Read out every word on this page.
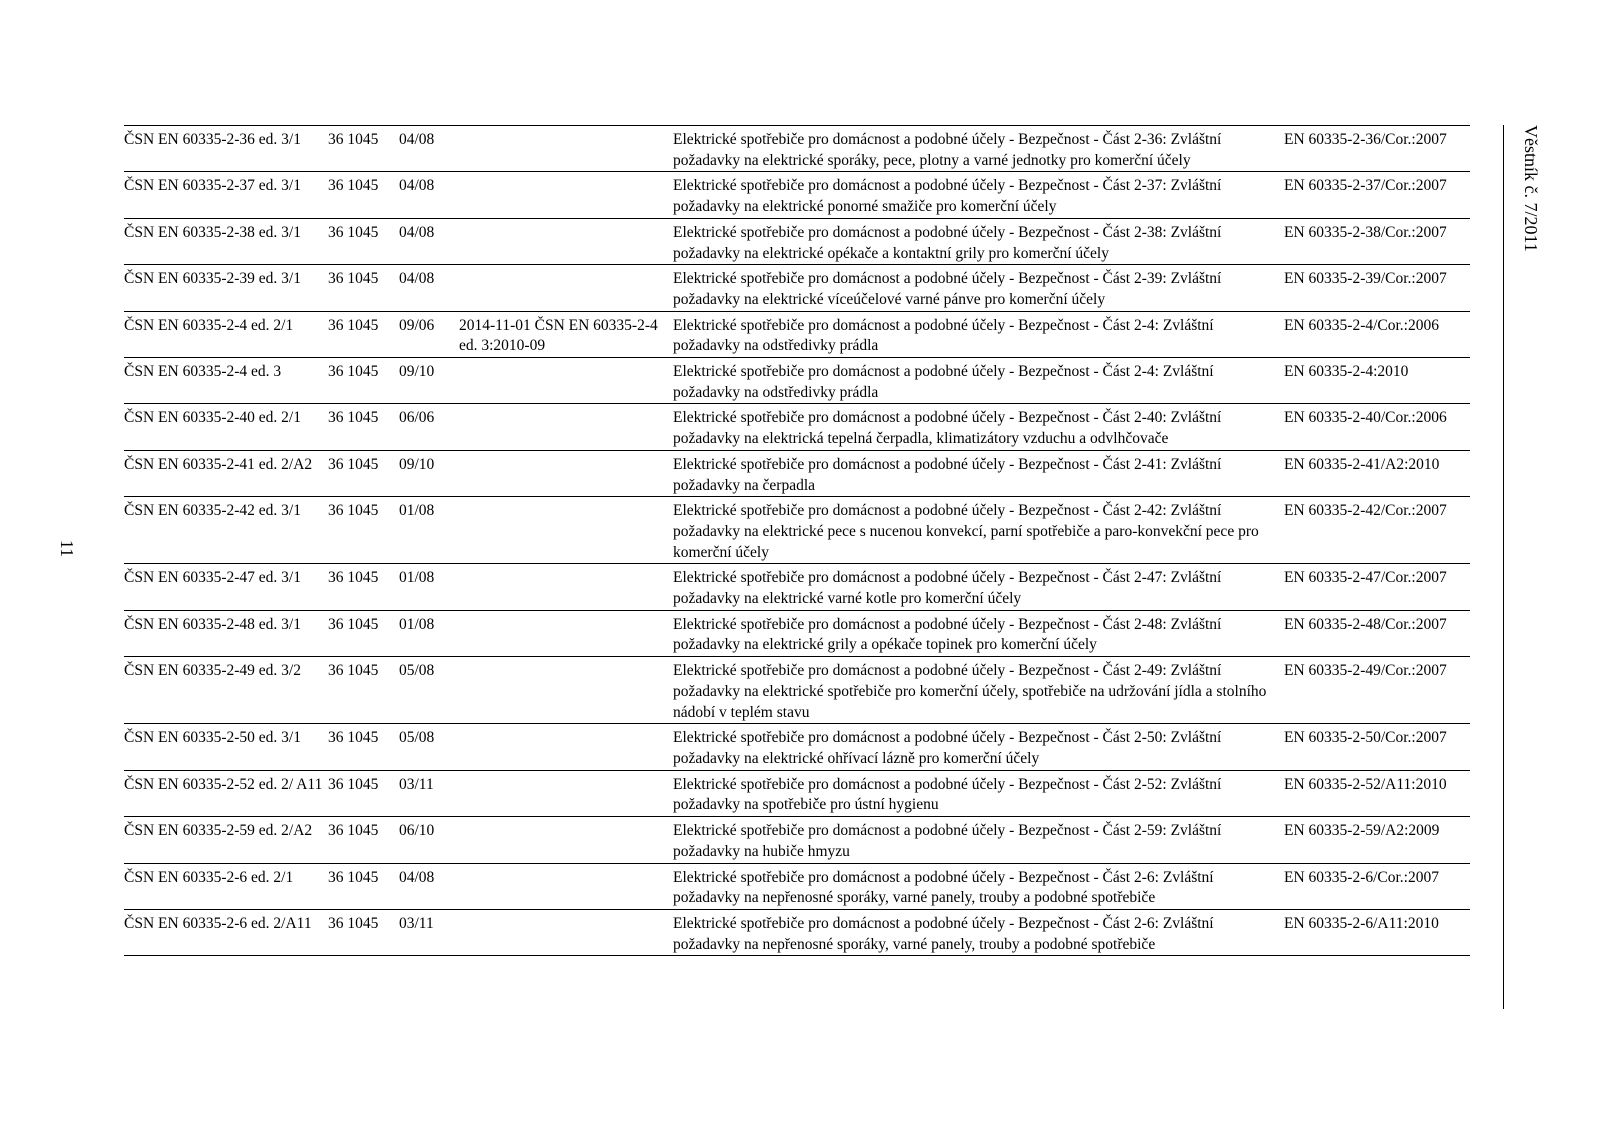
Věstník č. 7/2011
11
ČSN EN 60335-2-36 ed. 3/1	36 1045	04/08		Elektrické spotřebiče pro domácnost a podobné účely - Bezpečnost - Část 2-36: Zvláštní požadavky na elektrické sporáky, pece, plotny a varné jednotky pro komerční účely	EN 60335-2-36/Cor.:2007
ČSN EN 60335-2-37 ed. 3/1	36 1045	04/08		Elektrické spotřebiče pro domácnost a podobné účely - Bezpečnost - Část 2-37: Zvláštní požadavky na elektrické ponorné smažiče pro komerční účely	EN 60335-2-37/Cor.:2007
ČSN EN 60335-2-38 ed. 3/1	36 1045	04/08		Elektrické spotřebiče pro domácnost a podobné účely - Bezpečnost - Část 2-38: Zvláštní požadavky na elektrické opékače a kontaktní grily pro komerční účely	EN 60335-2-38/Cor.:2007
ČSN EN 60335-2-39 ed. 3/1	36 1045	04/08		Elektrické spotřebiče pro domácnost a podobné účely - Bezpečnost - Část 2-39: Zvláštní požadavky na elektrické víceúčelové varné pánve pro komerční účely	EN 60335-2-39/Cor.:2007
ČSN EN 60335-2-4 ed. 2/1	36 1045	09/06	2014-11-01 ČSN EN 60335-2-4 ed. 3:2010-09	Elektrické spotřebiče pro domácnost a podobné účely - Bezpečnost - Část 2-4: Zvláštní požadavky na odstředivky prádla	EN 60335-2-4/Cor.:2006
ČSN EN 60335-2-4 ed. 3	36 1045	09/10		Elektrické spotřebiče pro domácnost a podobné účely - Bezpečnost - Část 2-4: Zvláštní požadavky na odstředivky prádla	EN 60335-2-4:2010
ČSN EN 60335-2-40 ed. 2/1	36 1045	06/06		Elektrické spotřebiče pro domácnost a podobné účely - Bezpečnost - Část 2-40: Zvláštní požadavky na elektrická tepelná čerpadla, klimatizátory vzduchu a odvlhčovače	EN 60335-2-40/Cor.:2006
ČSN EN 60335-2-41 ed. 2/A2	36 1045	09/10		Elektrické spotřebiče pro domácnost a podobné účely - Bezpečnost - Část 2-41: Zvláštní požadavky na čerpadla	EN 60335-2-41/A2:2010
ČSN EN 60335-2-42 ed. 3/1	36 1045	01/08		Elektrické spotřebiče pro domácnost a podobné účely - Bezpečnost - Část 2-42: Zvláštní požadavky na elektrické pece s nucenou konvekcí, parní spotřebiče a paro-konvekční pece pro komerční účely	EN 60335-2-42/Cor.:2007
ČSN EN 60335-2-47 ed. 3/1	36 1045	01/08		Elektrické spotřebiče pro domácnost a podobné účely - Bezpečnost - Část 2-47: Zvláštní požadavky na elektrické varné kotle pro komerční účely	EN 60335-2-47/Cor.:2007
ČSN EN 60335-2-48 ed. 3/1	36 1045	01/08		Elektrické spotřebiče pro domácnost a podobné účely - Bezpečnost - Část 2-48: Zvláštní požadavky na elektrické grily a opékače topinek pro komerční účely	EN 60335-2-48/Cor.:2007
ČSN EN 60335-2-49 ed. 3/2	36 1045	05/08		Elektrické spotřebiče pro domácnost a podobné účely - Bezpečnost - Část 2-49: Zvláštní požadavky na elektrické spotřebiče pro komerční účely, spotřebiče na udržování jídla a stolního nádobí v teplém stavu	EN 60335-2-49/Cor.:2007
ČSN EN 60335-2-50 ed. 3/1	36 1045	05/08		Elektrické spotřebiče pro domácnost a podobné účely - Bezpečnost - Část 2-50: Zvláštní požadavky na elektrické ohřívací lázně pro komerční účely	EN 60335-2-50/Cor.:2007
ČSN EN 60335-2-52 ed. 2/ A11	36 1045	03/11		Elektrické spotřebiče pro domácnost a podobné účely - Bezpečnost - Část 2-52: Zvláštní požadavky na spotřebiče pro ústní hygienu	EN 60335-2-52/A11:2010
ČSN EN 60335-2-59 ed. 2/A2	36 1045	06/10		Elektrické spotřebiče pro domácnost a podobné účely - Bezpečnost - Část 2-59: Zvláštní požadavky na hubiče hmyzu	EN 60335-2-59/A2:2009
ČSN EN 60335-2-6 ed. 2/1	36 1045	04/08		Elektrické spotřebiče pro domácnost a podobné účely - Bezpečnost - Část 2-6: Zvláštní požadavky na nepřenosné sporáky, varné panely, trouby a podobné spotřebiče	EN 60335-2-6/Cor.:2007
ČSN EN 60335-2-6 ed. 2/A11	36 1045	03/11		Elektrické spotřebiče pro domácnost a podobné účely - Bezpečnost - Část 2-6: Zvláštní požadavky na nepřenosné sporáky, varné panely, trouby a podobné spotřebiče	EN 60335-2-6/A11:2010
